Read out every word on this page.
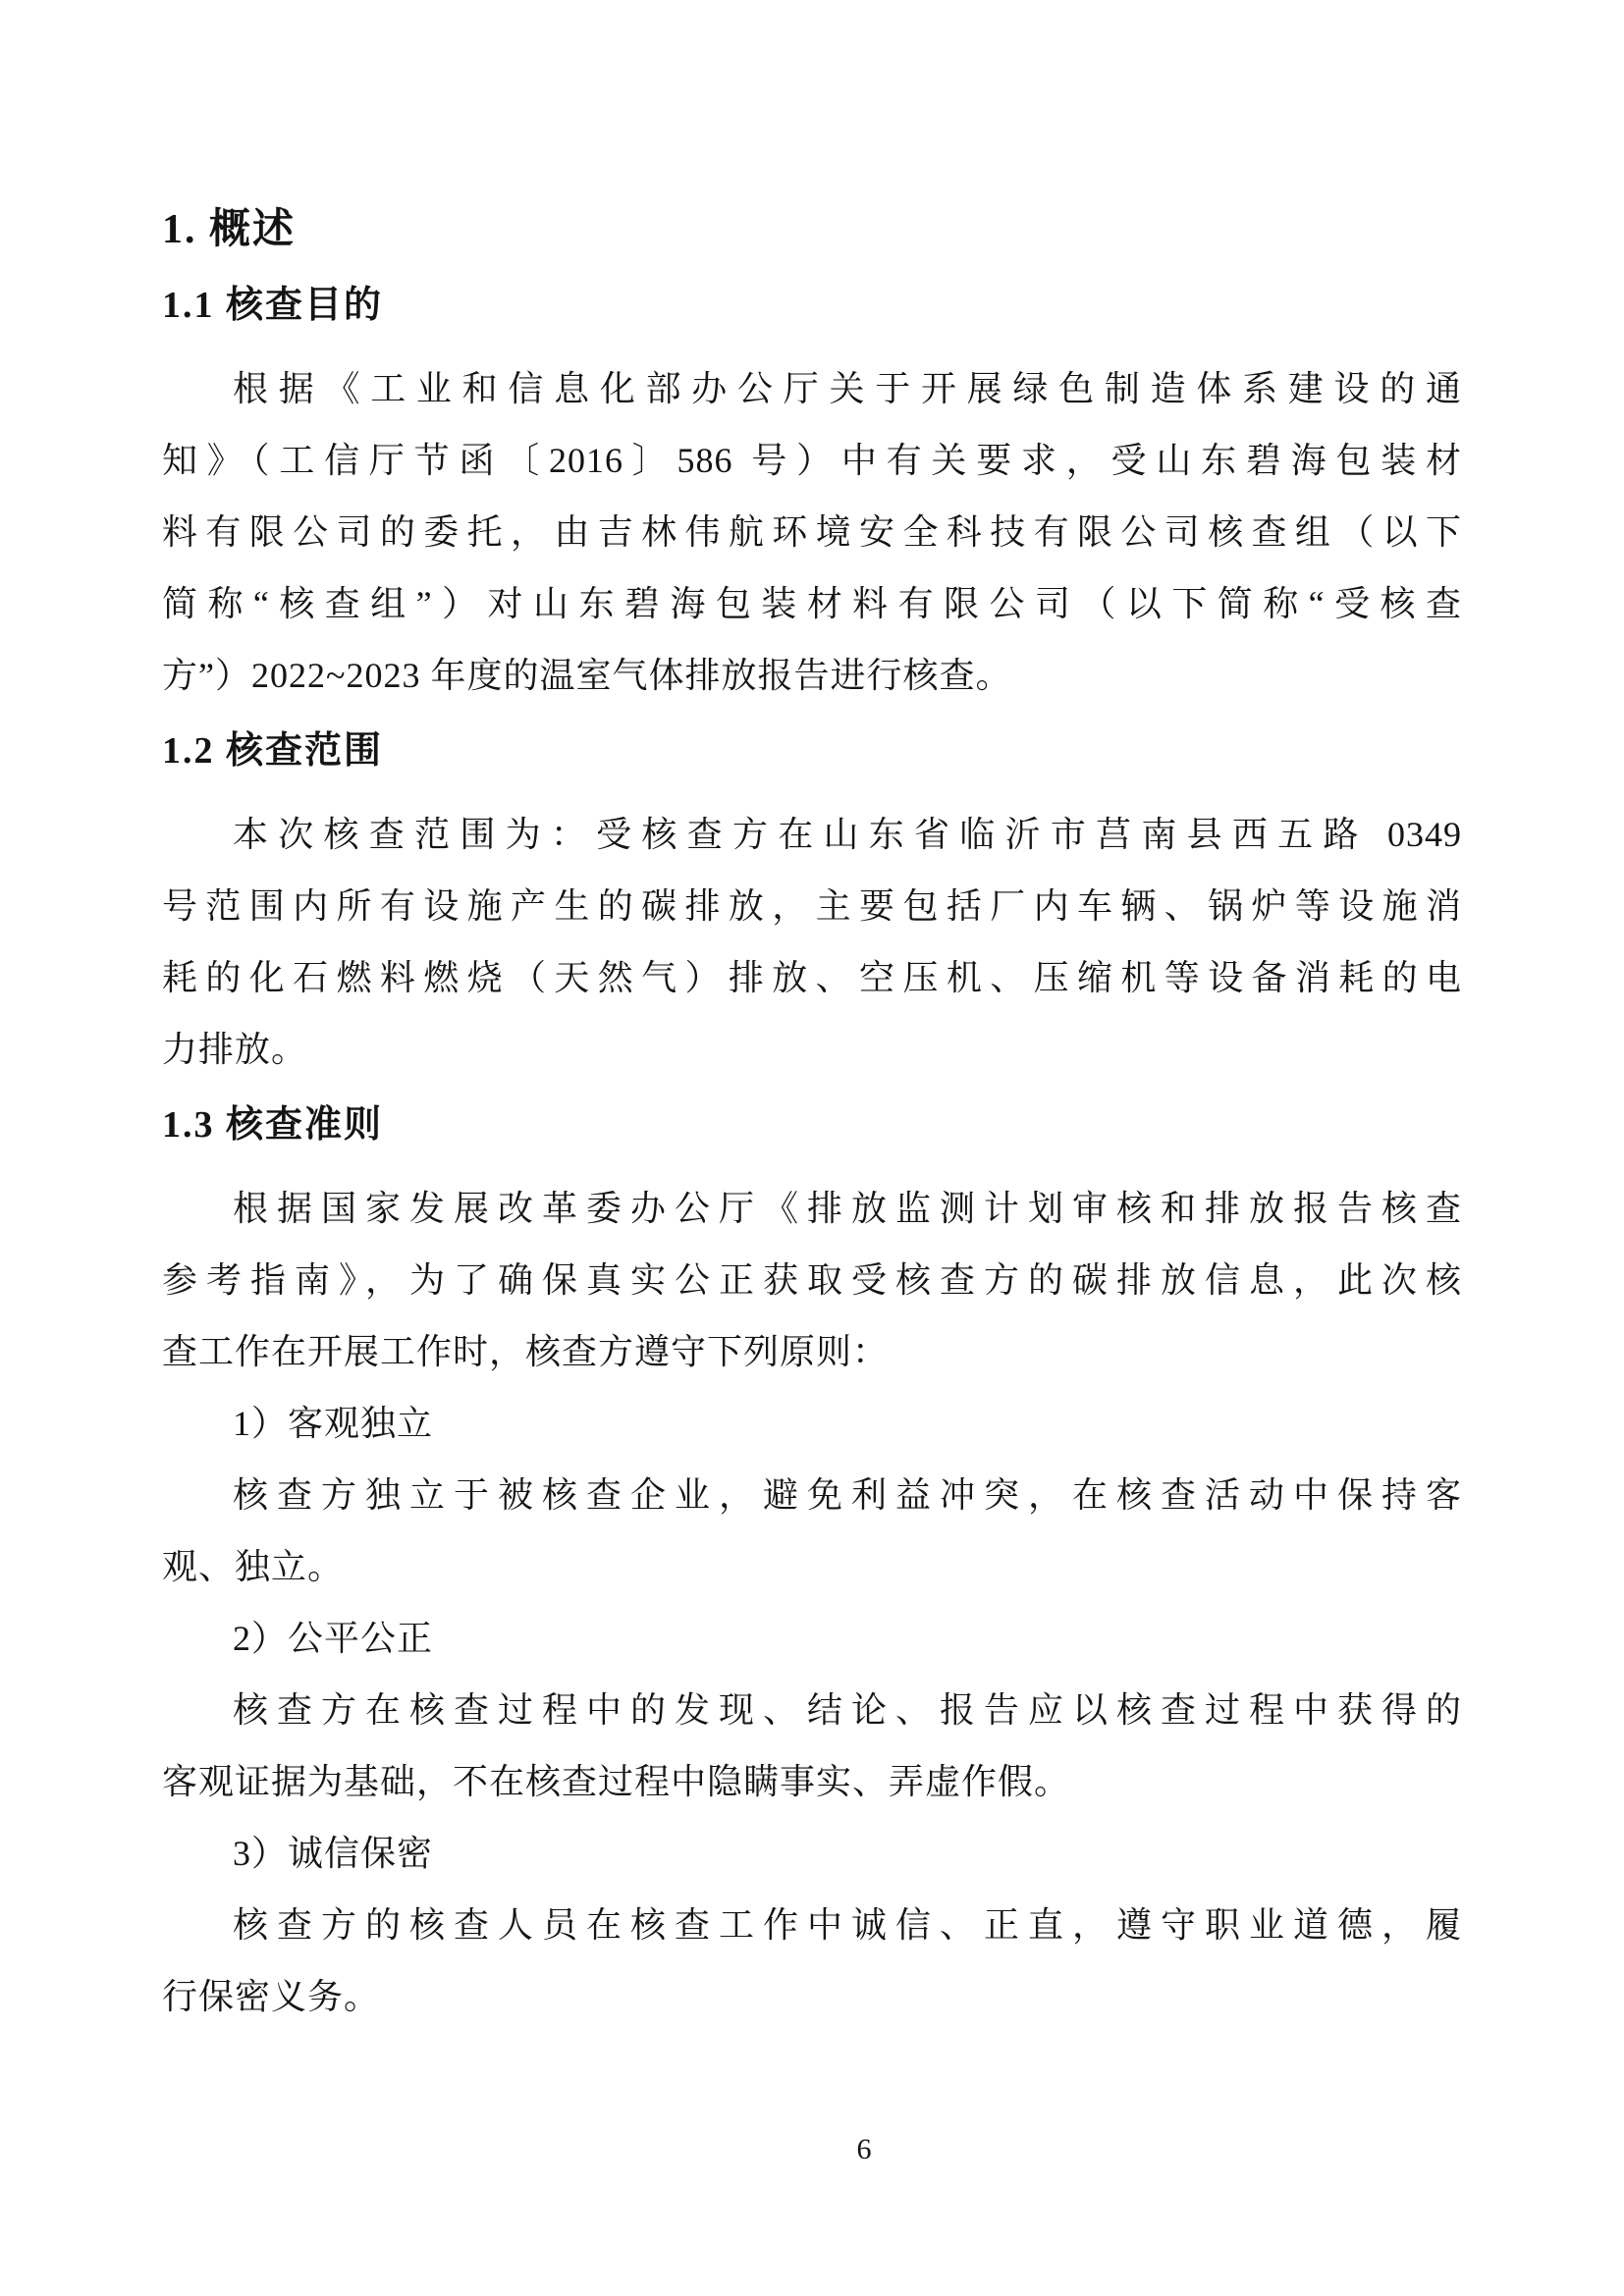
1. 概述
1.1 核查目的
根据《工业和信息化部办公厅关于开展绿色制造体系建设的通
知》（工信厅节函〔2016〕586 号）中有关要求，受山东碧海包装材
料有限公司的委托，由吉林伟航环境安全科技有限公司核查组（以下
简称“核查组”）对山东碧海包装材料有限公司（以下简称“受核查
方”）2022~2023 年度的温室气体排放报告进行核查。
1.2 核查范围
本次核查范围为：受核查方在山东省临沂市莒南县西五路 0349
号范围内所有设施产生的碳排放，主要包括厂内车辆、锅炉等设施消
耗的化石燃料燃烧（天然气）排放、空压机、压缩机等设备消耗的电
力排放。
1.3 核查准则
根据国家发展改革委办公厅《排放监测计划审核和排放报告核查
参考指南》，为了确保真实公正获取受核查方的碳排放信息，此次核
查工作在开展工作时，核查方遵守下列原则：
1）客观独立
核查方独立于被核查企业，避免利益冲突，在核查活动中保持客
观、独立。
2）公平公正
核查方在核查过程中的发现、结论、报告应以核查过程中获得的
客观证据为基础，不在核查过程中隐瞒事实、弄虚作假。
3）诚信保密
核查方的核查人员在核查工作中诚信、正直，遵守职业道德，履
行保密义务。
6
